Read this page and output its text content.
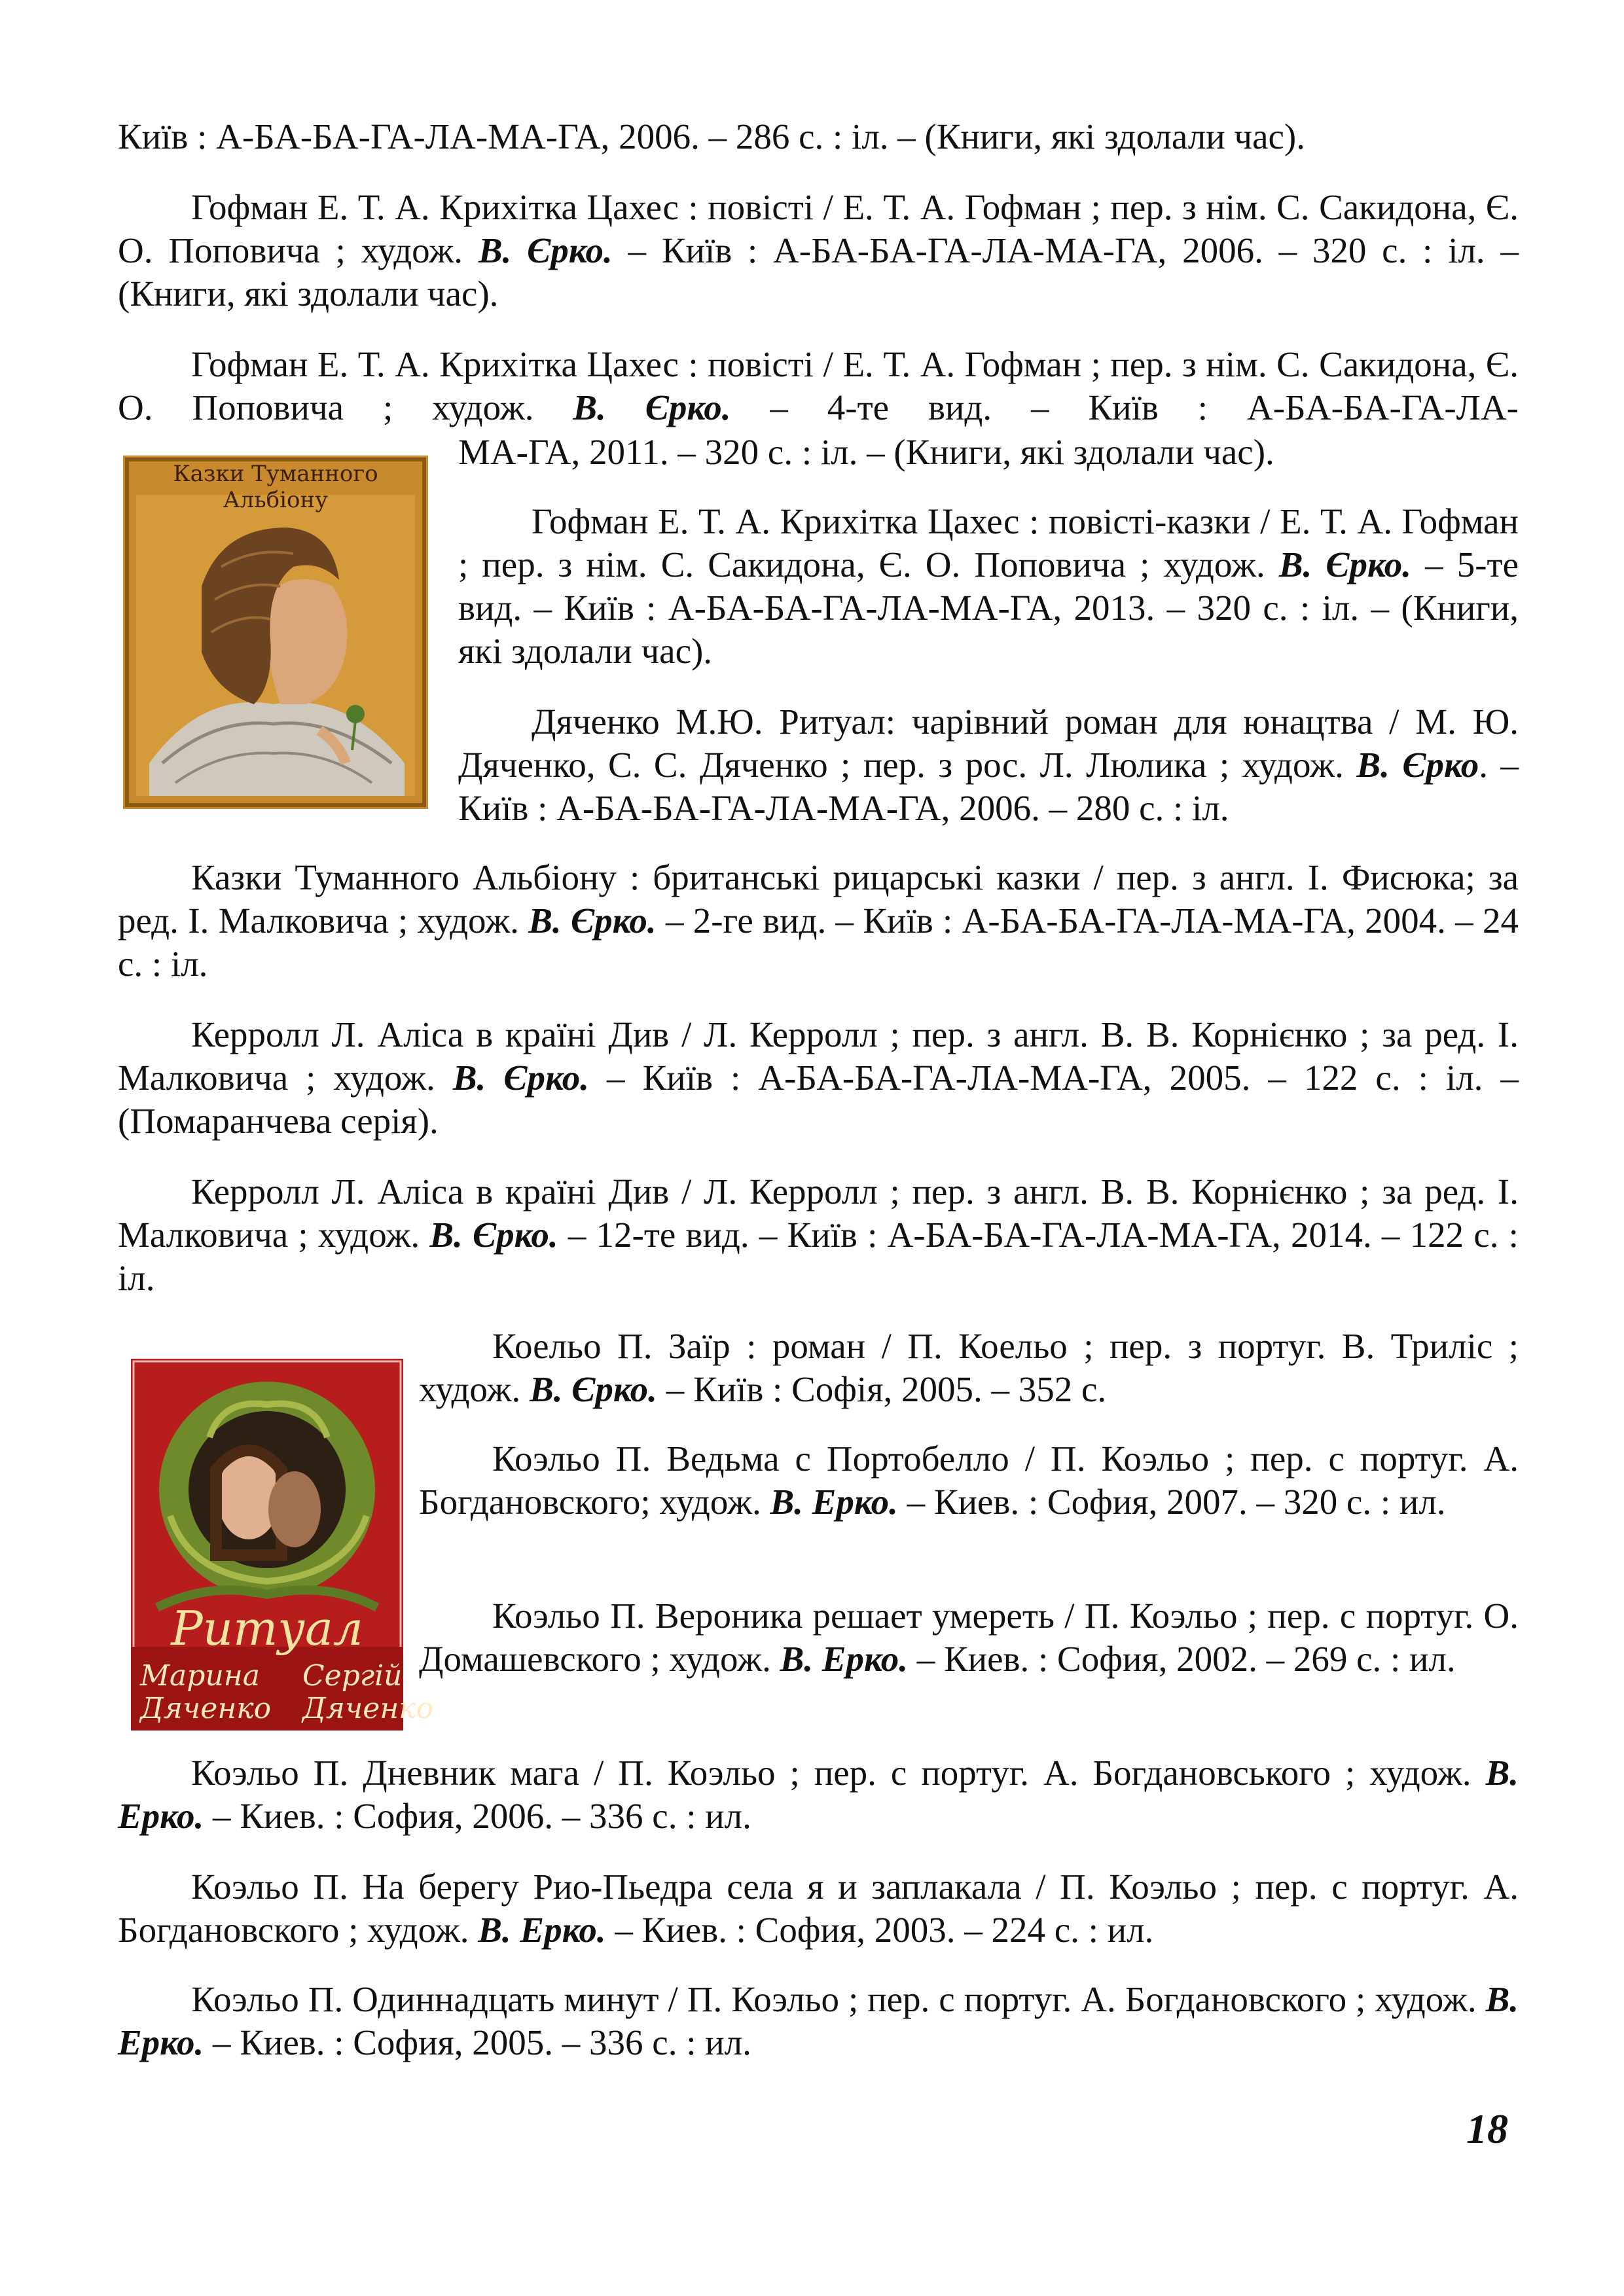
Київ : А-БА-БА-ГА-ЛА-МА-ГА, 2006. – 286 с. : іл. – (Книги, які здолали час).

Гофман Е. Т. А. Крихітка Цахес : повісті / Е. Т. А. Гофман ; пер. з нім. С. Сакидона, Є. О. Поповича ; худож. В. Єрко. – Київ : А-БА-БА-ГА-ЛА-МА-ГА, 2006. – 320 с. : іл. – (Книги, які здолали час).

Гофман Е. Т. А. Крихітка Цахес : повісті / Е. Т. А. Гофман ; пер. з нім. С. Сакидона, Є. О. Поповича ; худож. В. Єрко. – 4-те вид. – Київ : А-БА-БА-ГА-ЛА-

МА-ГА, 2011. – 320 с. : іл. – (Книги, які здолали час).

Гофман Е. Т. А. Крихітка Цахес : повісті-казки / Е. Т. А. Гофман ; пер. з нім. С. Сакидона, Є. О. Поповича ; худож. В. Єрко. – 5-те вид. – Київ : А-БА-БА-ГА-ЛА-МА-ГА, 2013. – 320 с. : іл. – (Книги, які здолали час).

Дяченко М.Ю. Ритуал: чарівний роман для юнацтва / М. Ю. Дяченко, С. С. Дяченко ; пер. з рос. Л. Люлика ; худож. В. Єрко. – Київ : А-БА-БА-ГА-ЛА-МА-ГА, 2006. – 280 с. : іл.

Казки Туманного Альбіону : британські рицарські казки / пер. з англ. І. Фисюка; за ред. І. Малковича ; худож. В. Єрко. – 2-ге вид. – Київ : А-БА-БА-ГА-ЛА-МА-ГА, 2004. – 24 с. : іл.

Керролл Л. Аліса в країні Див / Л. Керролл ; пер. з англ. В. В. Корнієнко ; за ред. І. Малковича ; худож. В. Єрко. – Київ : А-БА-БА-ГА-ЛА-МА-ГА, 2005. – 122 с. : іл. – (Помаранчева серія).

Керролл Л. Аліса в країні Див / Л. Керролл ; пер. з англ. В. В. Корнієнко ; за ред. І. Малковича ; худож. В. Єрко. – 12-те вид. – Київ : А-БА-БА-ГА-ЛА-МА-ГА, 2014. – 122 с. : іл.

Коельо П. Заїр : роман / П. Коельо ; пер. з португ. В. Триліс ; худож. В. Єрко. – Київ : Софія, 2005. – 352 с.

Коэльо П. Ведьма с Портобелло / П. Коэльо ; пер. с португ. А. Богдановского; худож. В. Ерко. – Киев. : София, 2007. – 320 с. : ил.

Коэльо П. Вероника решает умереть / П. Коэльо ; пер. с португ. О. Домашевского ; худож. В. Ерко. – Киев. : София, 2002. – 269 с. : ил.

Коэльо П. Дневник мага / П. Коэльо ; пер. с португ. А. Богдановського ; худож. В. Ерко. – Киев. : София, 2006. – 336 с. : ил.

Коэльо П. На берегу Рио-Пьедра села я и заплакала / П. Коэльо ; пер. с португ. А. Богдановского ; худож. В. Ерко. – Киев. : София, 2003. – 224 с. : ил.

Коэльо П. Одиннадцать минут / П. Коэльо ; пер. с португ. А. Богдановского ; худож. В. Ерко. – Киев. : София, 2005. – 336 с. : ил.

Казки Туманного Альбіону
Ритуал
Марина Дяченко
Сергій Дяченко
18
